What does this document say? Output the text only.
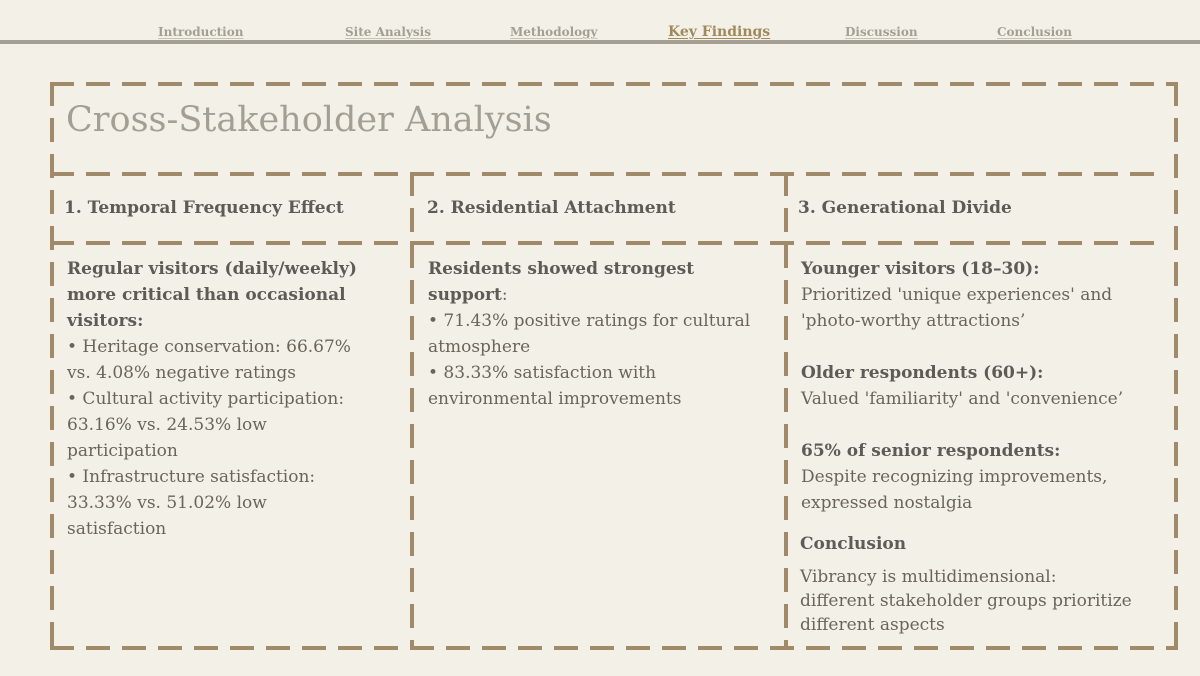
Introduction	Site Analysis	Methodology	Key Findings	Discussion	Conclusion
Cross-Stakeholder Analysis
1. Temporal Frequency Effect	2. Residential Attachment	3. Generational Divide

Regular visitors (daily/weekly) more critical than occasional visitors:

• Heritage conservation: 66.67% vs. 4.08% negative ratings

• Cultural activity participation: 63.16% vs. 24.53% low participation

• Infrastructure satisfaction: 33.33% vs. 51.02% low satisfaction

Residents showed strongest support:

• 71.43% positive ratings for cultural atmosphere

• 83.33% satisfaction with environmental improvements

Younger visitors (18–30):

Prioritized 'unique experiences' and 'photo-worthy attractions’

Older respondents (60+):

Valued 'familiarity' and 'convenience’

65% of senior respondents:

Despite recognizing improvements, expressed nostalgia

Conclusion

Vibrancy is multidimensional:

different stakeholder groups prioritize

different aspects
